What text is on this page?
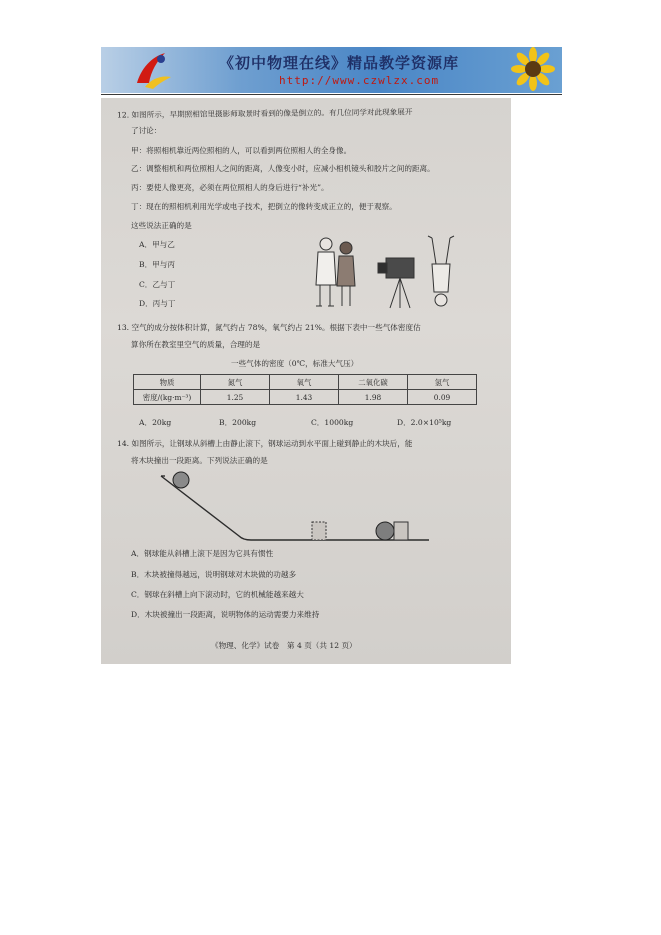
《初中物理在线》精品教学资源库
http://www.czwlzx.com
12. 如图所示，早期照相馆里摄影师取景时看到的像是倒立的。有几位同学对此现象展开
了讨论：
甲：将照相机靠近两位照相的人，可以看到两位照相人的全身像。
乙：调整相机和两位照相人之间的距离，人像变小时，应减小相机镜头和胶片之间的距离。
丙：要使人像更亮，必须在两位照相人的身后进行“补光”。
丁：现在的照相机利用光学或电子技术，把倒立的像转变成正立的，便于观察。
这些说法正确的是
A．甲与乙
B．甲与丙
C．乙与丁
D．丙与丁
13. 空气的成分按体积计算，氮气约占 78%，氧气约占 21%。根据下表中一些气体密度估
算你所在教室里空气的质量，合理的是
一些气体的密度（0℃，标准大气压）
物质	氮气	氧气	二氧化碳	氢气
密度/(kg·m⁻³)	1.25	1.43	1.98	0.09
A．20kg	B．200kg	C．1000kg	D．2.0×10⁵kg
14. 如图所示，让钢球从斜槽上由静止滚下，钢球运动到水平面上碰到静止的木块后，能
将木块撞出一段距离。下列说法正确的是
A．钢球能从斜槽上滚下是因为它具有惯性
B．木块被撞得越远，说明钢球对木块做的功越多
C．钢球在斜槽上向下滚动时，它的机械能越来越大
D．木块被撞出一段距离，说明物体的运动需要力来维持
《物理、化学》试卷　第 4 页（共 12 页）
